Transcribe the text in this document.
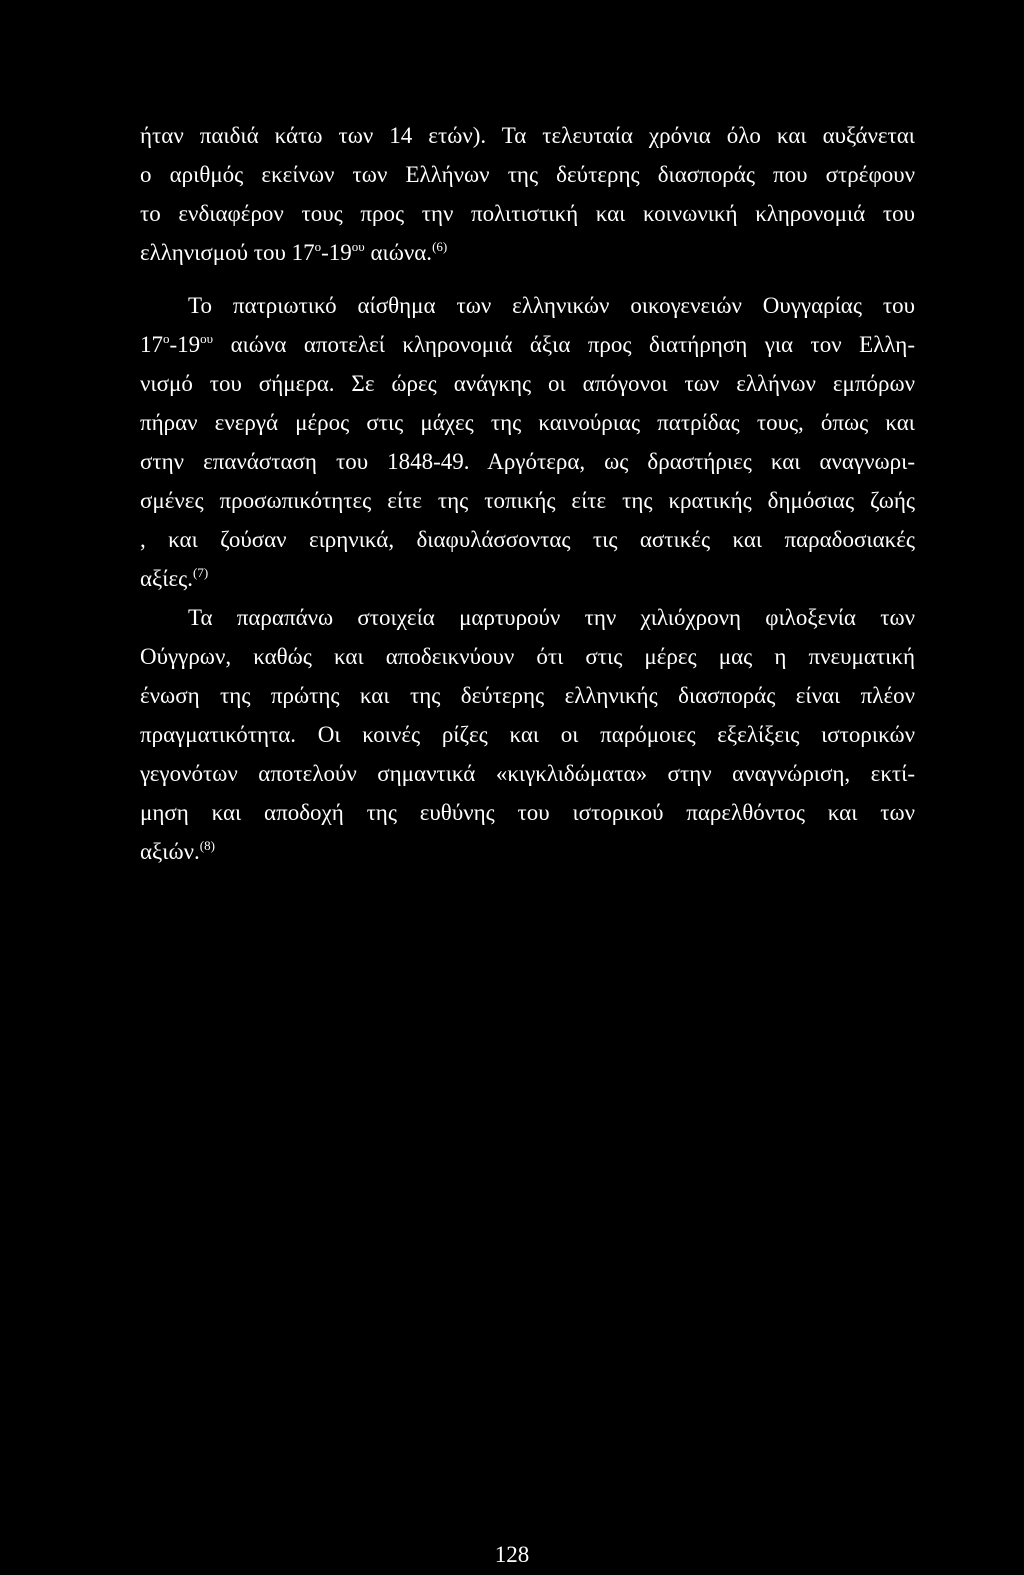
ήταν παιδιά κάτω των 14 ετών). Τα τελευταία χρόνια όλο και αυξάνεται
ο αριθμός εκείνων των Ελλήνων της δεύτερης διασποράς που στρέφουν
το ενδιαφέρον τους προς την πολιτιστική και κοινωνική κληρονομιά του
ελληνισμού του $17^o-19^{o\upsilon}$ αιώνα.$^{(6)}$
Το πατριωτικό αίσθημα των ελληνικών οικογενειών Ουγγαρίας του
$17^o-19^{o\upsilon}$ αιώνα αποτελεί κληρονομιά άξια προς διατήρηση για τον Ελλη-
νισμό του σήμερα. Σε ώρες ανάγκης οι απόγονοι των ελλήνων εμπόρων
πήραν ενεργά μέρος στις μάχες της καινούριας πατρίδας τους, όπως και
στην επανάσταση του 1848-49. Αργότερα, ως δραστήριες και αναγνωρι-
σμένες προσωπικότητες είτε της τοπικής είτε της κρατικής δημόσιας ζωής
, και ζούσαν ειρηνικά, διαφυλάσσοντας τις αστικές και παραδοσιακές
αξίες.$^{(7)}$
Τα παραπάνω στοιχεία μαρτυρούν την χιλιόχρονη φιλοξενία των
Ούγγρων, καθώς και αποδεικνύουν ότι στις μέρες μας η πνευματική
ένωση της πρώτης και της δεύτερης ελληνικής διασποράς είναι πλέον
πραγματικότητα. Οι κοινές ρίζες και οι παρόμοιες εξελίξεις ιστορικών
γεγονότων αποτελούν σημαντικά «κιγκλιδώματα» στην αναγνώριση, εκτί-
μηση και αποδοχή της ευθύνης του ιστορικού παρελθόντος και των
αξιών.$^{(8)}$
128
